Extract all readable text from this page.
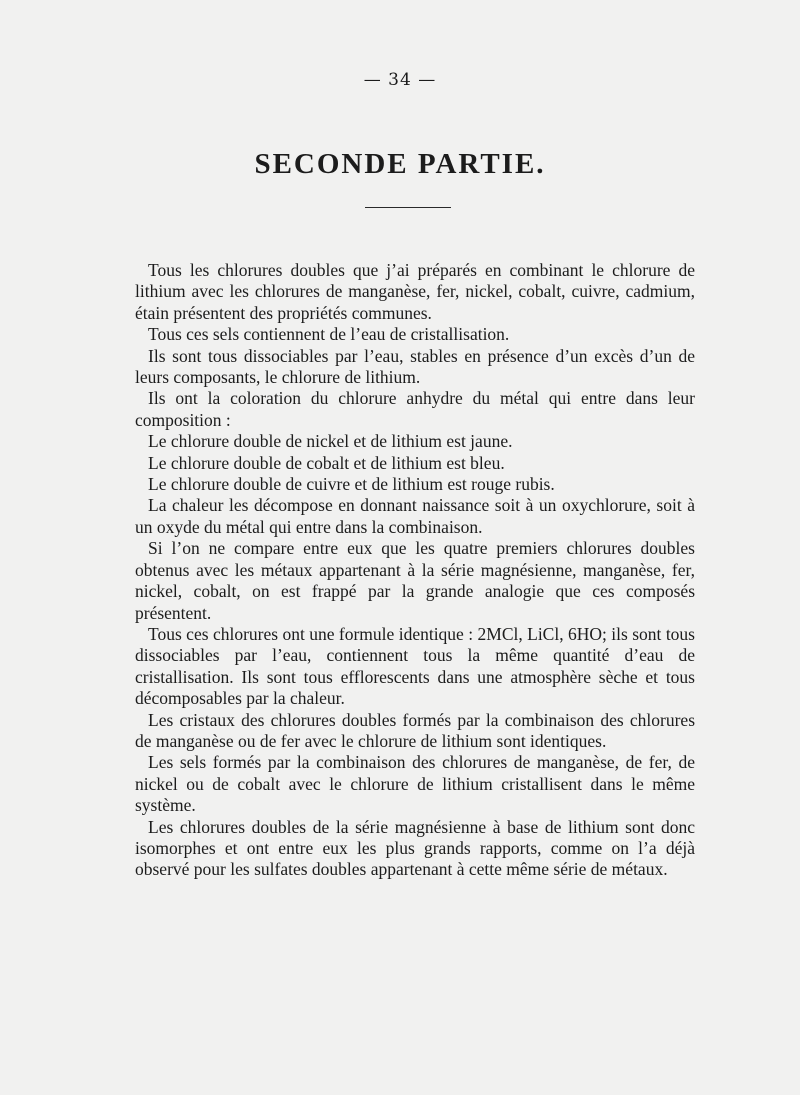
— 34 —
SECONDE PARTIE.

Tous les chlorures doubles que j’ai préparés en combinant le chlorure de lithium avec les chlorures de manganèse, fer, nickel, cobalt, cuivre, cadmium, étain présentent des propriétés communes.

Tous ces sels contiennent de l’eau de cristallisation.

Ils sont tous dissociables par l’eau, stables en présence d’un excès d’un de leurs composants, le chlorure de lithium.

Ils ont la coloration du chlorure anhydre du métal qui entre dans leur composition :

Le chlorure double de nickel et de lithium est jaune.

Le chlorure double de cobalt et de lithium est bleu.

Le chlorure double de cuivre et de lithium est rouge rubis.

La chaleur les décompose en donnant naissance soit à un oxychlorure, soit à un oxyde du métal qui entre dans la combinaison.

Si l’on ne compare entre eux que les quatre premiers chlorures doubles obtenus avec les métaux appartenant à la série magnésienne, manganèse, fer, nickel, cobalt, on est frappé par la grande analogie que ces composés présentent.

Tous ces chlorures ont une formule identique : 2MCl, LiCl, 6HO; ils sont tous dissociables par l’eau, contiennent tous la même quantité d’eau de cristallisation. Ils sont tous efflorescents dans une atmosphère sèche et tous décomposables par la chaleur.

Les cristaux des chlorures doubles formés par la combinaison des chlorures de manganèse ou de fer avec le chlorure de lithium sont identiques.

Les sels formés par la combinaison des chlorures de manganèse, de fer, de nickel ou de cobalt avec le chlorure de lithium cristallisent dans le même système.

Les chlorures doubles de la série magnésienne à base de lithium sont donc isomorphes et ont entre eux les plus grands rapports, comme on l’a déjà observé pour les sulfates doubles appartenant à cette même série de métaux.
